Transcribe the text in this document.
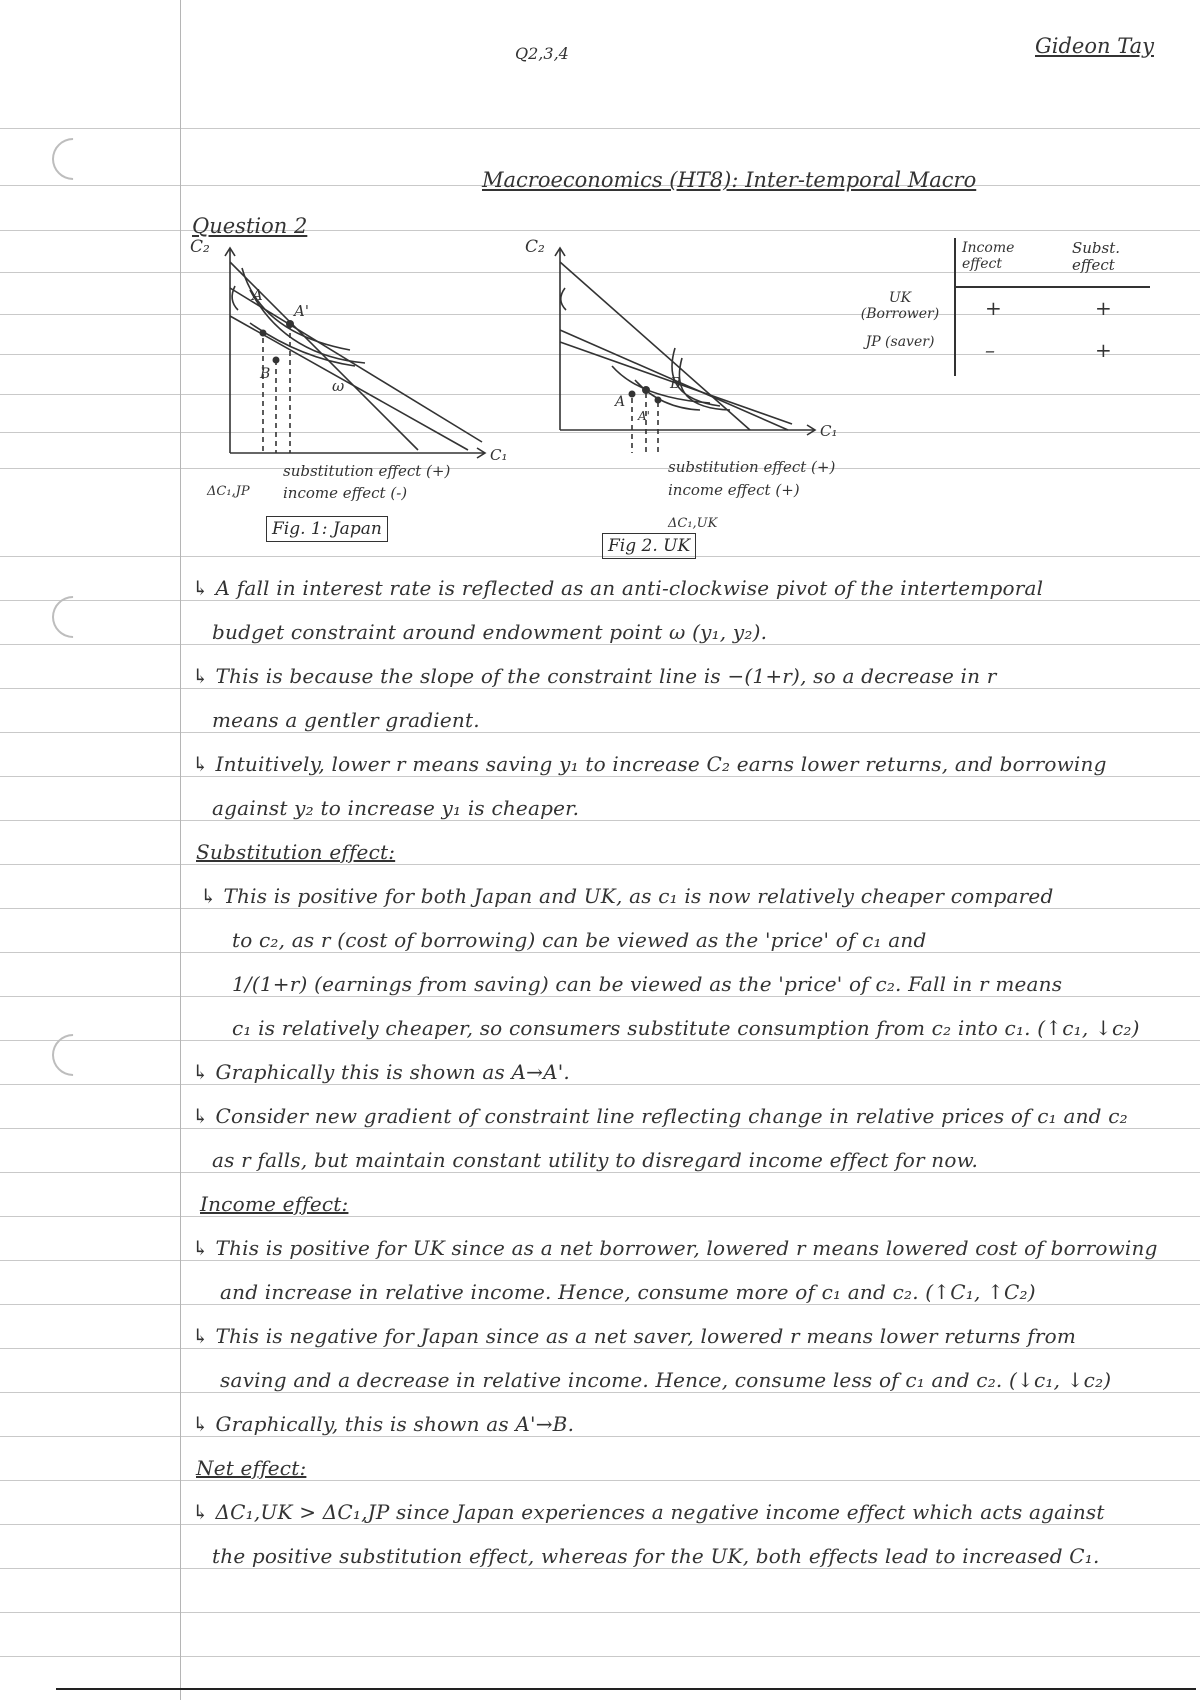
Q2,3,4	Gideon Tay
Macroeconomics (HT8): Inter-temporal Macro
Question 2
C₂
C₁
A
A'
B
ω
substitution effect (+)
income effect (-)
ΔC₁,JP
Fig. 1: Japan
C₂
C₁
A
A'
B
substitution effect (+)
income effect (+)
ΔC₁,UK
Fig 2. UK
Income effect
Subst. effect
UK (Borrower)	+	+
JP (saver)	–	+
↳ A fall in interest rate is reflected as an anti-clockwise pivot of the intertemporal
budget constraint around endowment point ω (y₁, y₂).
↳ This is because the slope of the constraint line is −(1+r), so a decrease in r
means a gentler gradient.
↳ Intuitively, lower r means saving y₁ to increase C₂ earns lower returns, and borrowing
against y₂ to increase y₁ is cheaper.
Substitution effect:
↳ This is positive for both Japan and UK, as c₁ is now relatively cheaper compared
to c₂, as r (cost of borrowing) can be viewed as the 'price' of c₁ and
1/(1+r) (earnings from saving) can be viewed as the 'price' of c₂. Fall in r means
c₁ is relatively cheaper, so consumers substitute consumption from c₂ into c₁. (↑c₁, ↓c₂)
↳ Graphically this is shown as A→A'.
↳ Consider new gradient of constraint line reflecting change in relative prices of c₁ and c₂
as r falls, but maintain constant utility to disregard income effect for now.
Income effect:
↳ This is positive for UK since as a net borrower, lowered r means lowered cost of borrowing
and increase in relative income. Hence, consume more of c₁ and c₂. (↑C₁, ↑C₂)
↳ This is negative for Japan since as a net saver, lowered r means lower returns from
saving and a decrease in relative income. Hence, consume less of c₁ and c₂. (↓c₁, ↓c₂)
↳ Graphically, this is shown as A'→B.
Net effect:
↳ ΔC₁,UK > ΔC₁,JP since Japan experiences a negative income effect which acts against
the positive substitution effect, whereas for the UK, both effects lead to increased C₁.
